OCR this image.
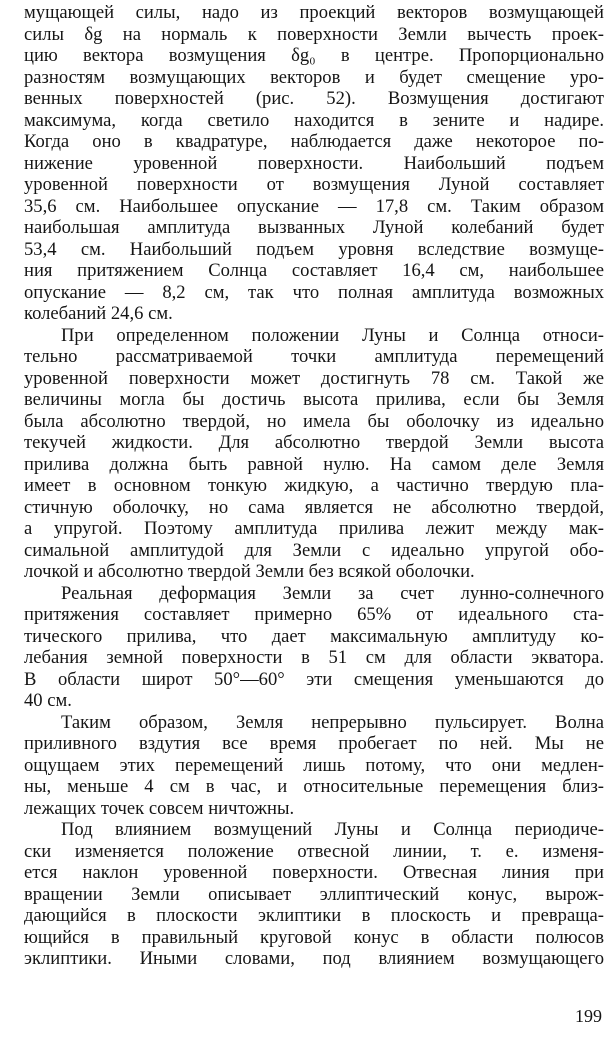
мущающей силы, надо из проекций векторов возмущающей
силы δg на нормаль к поверхности Земли вычесть проек-
цию вектора возмущения δg₀ в центре. Пропорционально
разностям возмущающих векторов и будет смещение уро-
венных поверхностей (рис. 52). Возмущения достигают
максимума, когда светило находится в зените и надире.
Когда оно в квадратуре, наблюдается даже некоторое по-
нижение уровенной поверхности. Наибольший подъем
уровенной поверхности от возмущения Луной составляет
35,6 см. Наибольшее опускание — 17,8 см. Таким образом
наибольшая амплитуда вызванных Луной колебаний будет
53,4 см. Наибольший подъем уровня вследствие возмуще-
ния притяжением Солнца составляет 16,4 см, наибольшее
опускание — 8,2 см, так что полная амплитуда возможных
колебаний 24,6 см.
При определенном положении Луны и Солнца относи-
тельно рассматриваемой точки амплитуда перемещений
уровенной поверхности может достигнуть 78 см. Такой же
величины могла бы достичь высота прилива, если бы Земля
была абсолютно твердой, но имела бы оболочку из идеально
текучей жидкости. Для абсолютно твердой Земли высота
прилива должна быть равной нулю. На самом деле Земля
имеет в основном тонкую жидкую, а частично твердую пла-
стичную оболочку, но сама является не абсолютно твердой,
а упругой. Поэтому амплитуда прилива лежит между мак-
симальной амплитудой для Земли с идеально упругой обо-
лочкой и абсолютно твердой Земли без всякой оболочки.
Реальная деформация Земли за счет лунно-солнечного
притяжения составляет примерно 65% от идеального ста-
тического прилива, что дает максимальную амплитуду ко-
лебания земной поверхности в 51 см для области экватора.
В области широт 50°—60° эти смещения уменьшаются до
40 см.
Таким образом, Земля непрерывно пульсирует. Волна
приливного вздутия все время пробегает по ней. Мы не
ощущаем этих перемещений лишь потому, что они медлен-
ны, меньше 4 см в час, и относительные перемещения близ-
лежащих точек совсем ничтожны.
Под влиянием возмущений Луны и Солнца периодиче-
ски изменяется положение отвесной линии, т. е. изменя-
ется наклон уровенной поверхности. Отвесная линия при
вращении Земли описывает эллиптический конус, вырож-
дающийся в плоскости эклиптики в плоскость и превраща-
ющийся в правильный круговой конус в области полюсов
эклиптики. Иными словами, под влиянием возмущающего
199
